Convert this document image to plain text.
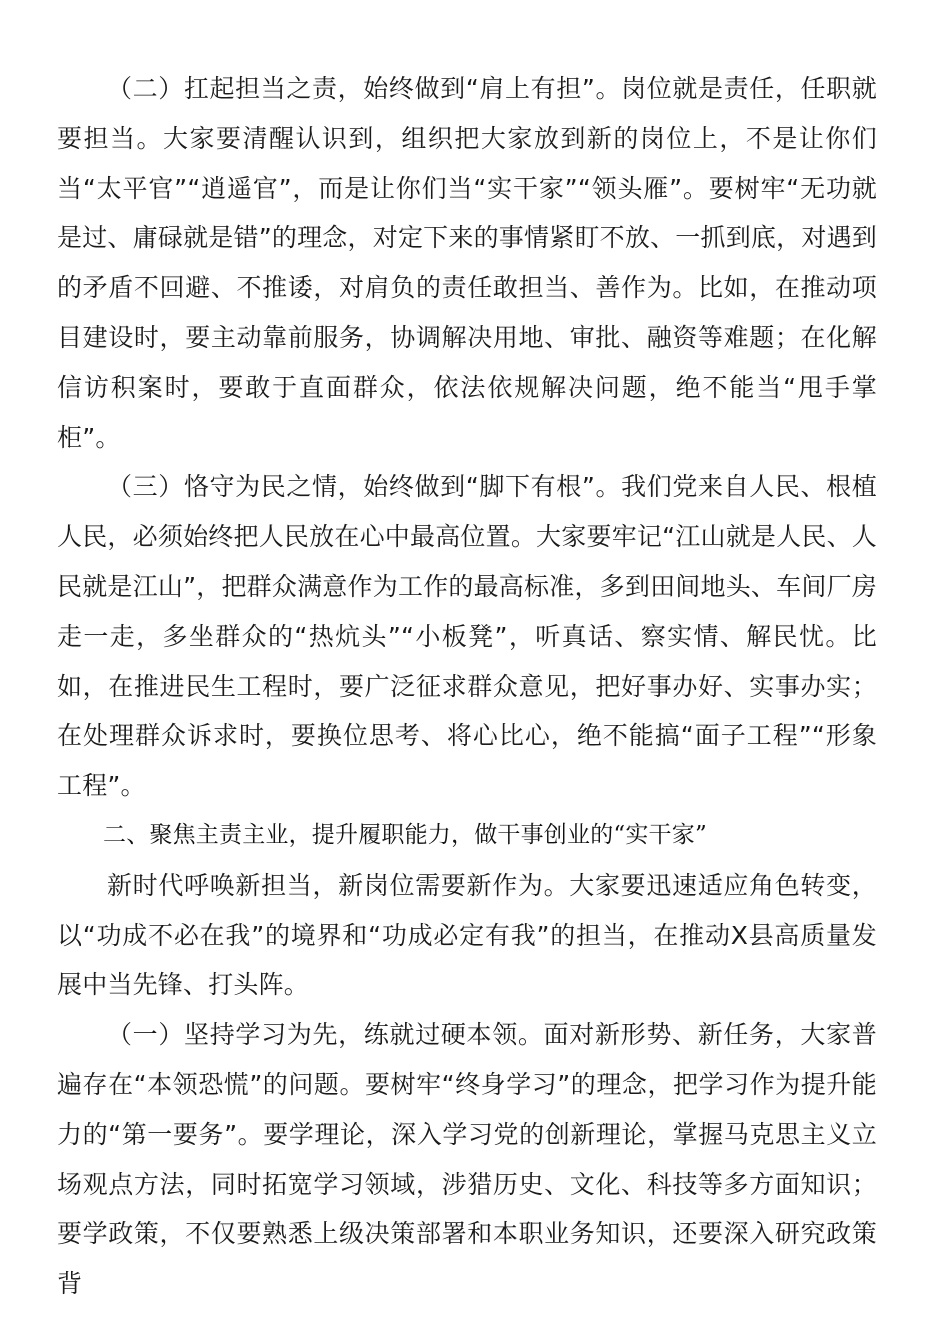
（二）扛起担当之责，始终做到“肩上有担”。岗位就是责任，任职就要担当。大家要清醒认识到，组织把大家放到新的岗位上，不是让你们当“太平官”“逍遥官”，而是让你们当“实干家”“领头雁”。要树牢“无功就是过、庸碌就是错”的理念，对定下来的事情紧盯不放、一抓到底，对遇到的矛盾不回避、不推诿，对肩负的责任敢担当、善作为。比如，在推动项目建设时，要主动靠前服务，协调解决用地、审批、融资等难题；在化解信访积案时，要敢于直面群众，依法依规解决问题，绝不能当“甩手掌柜”。

（三）恪守为民之情，始终做到“脚下有根”。我们党来自人民、根植人民，必须始终把人民放在心中最高位置。大家要牢记“江山就是人民、人民就是江山”，把群众满意作为工作的最高标准，多到田间地头、车间厂房走一走，多坐群众的“热炕头”“小板凳”，听真话、察实情、解民忧。比如，在推进民生工程时，要广泛征求群众意见，把好事办好、实事办实；在处理群众诉求时，要换位思考、将心比心，绝不能搞“面子工程”“形象工程”。

二、聚焦主责主业，提升履职能力，做干事创业的“实干家”

新时代呼唤新担当，新岗位需要新作为。大家要迅速适应角色转变，以“功成不必在我”的境界和“功成必定有我”的担当，在推动X县高质量发展中当先锋、打头阵。

（一）坚持学习为先，练就过硬本领。面对新形势、新任务，大家普遍存在“本领恐慌”的问题。要树牢“终身学习”的理念，把学习作为提升能力的“第一要务”。要学理论，深入学习党的创新理论，掌握马克思主义立场观点方法，同时拓宽学习领域，涉猎历史、文化、科技等多方面知识；要学政策，不仅要熟悉上级决策部署和本职业务知识，还要深入研究政策背
